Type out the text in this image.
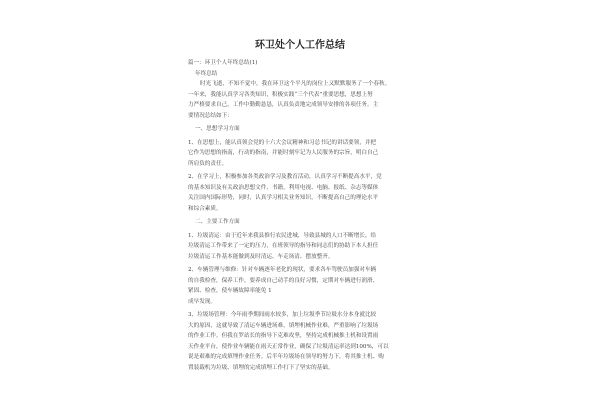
环卫处个人工作总结
篇一：环卫个人年终总结(1)
年终总结
时光飞逝，不知不觉中，我在环卫这个平凡的岗位上又默默服务了一个春秋。
一年来，我能认真学习各类知识，积极实践“三个代表”重要思想，思想上努
力严格要求自己，工作中勤勤恳恳，认真负责地完成领导安排的各项任务。主
要情况总结如下：
一、思想学习方面
1、在思想上，能认真领会党的十六大会议精神和习总书记的讲话要领，并把
它作为思想的指南，行动的指南，并能时刻牢记为人民服务的宗旨，明白自己
所肩负的责任。
2、在学习上，积极参加各类政治学习及教育活动，认真学习不断提高水平，党
的基本知识及有关政治思想文件、书籍，利用电视、电脑、报纸、杂志等媒体
关注国内国际形势，同时，认真学习相关业务知识，不断提高自己的理论水平
和综合素质。
二、主要工作方面
1、垃圾清运：由于近年来我县推行农民进城，导致县城的人口不断增长，给
垃圾清运工作带来了一定的压力，在班领导的指导和同志们的协助下本人担任
垃圾清运工作基本能做到及时清运、车走场清、摆放整齐。
2、车辆管理与维修：针对车辆逐年老化的现状，要求各车驾驶员加强对车辆
的自我检查，保养工作，要养成自己动手的良好习惯，定期对车辆进行润滑、
紧固、检查，使车辆故障率能免 1
成早发现。
3、垃圾场管理：今年雨季期间雨水较多，加上垃圾季节垃圾水分本身就比较
大的原因，这就导致了清运车辆进场难，填埋机械作业难，严重影响了垃圾场
的作业工作。但我在罗站长的指导下克难攻坚，坚持完成机械推土机和设置雨
天作业平台，使作业车辆能在雨天正常作业，确保了垃圾清运率达到100%，可以
说是艰难的完成填埋作业任务。后半年垃圾场在领导的努力下，将其推土机、购
置装载机为垃圾、填埋的完成填埋工作打下了坚实的基础。
